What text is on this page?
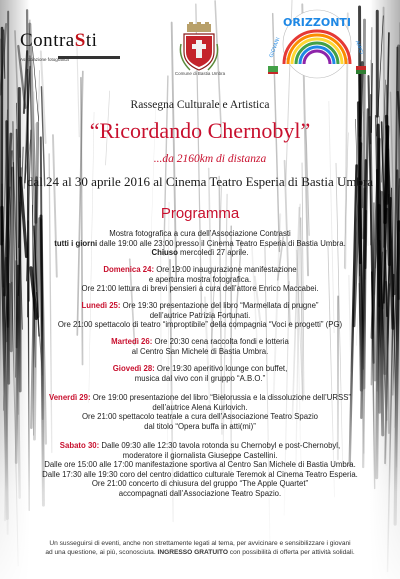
ContraSti
Associazione fotografica
Comune di Bastia Umbra
ORIZZONTI
GIOVANI	AMICI
Rassegna Culturale e Artistica
“Ricordando Chernobyl”
...da 2160km di distanza
dal 24 al 30 aprile 2016 al Cinema Teatro Esperia di Bastia Umbra
Programma
Mostra fotografica a cura dell’Associazione Contrasti
tutti i giorni dalle 19:00 alle 23:00 presso il Cinema Teatro Esperia di Bastia Umbra.
Chiuso mercoledì 27 aprile.
Domenica 24: Ore 19:00 inaugurazione manifestazione
e apertura mostra fotografica.
Ore 21:00 lettura di brevi pensieri a cura dell’attore Enrico Maccabei.
Lunedì 25: Ore 19:30 presentazione del libro “Marmellata di prugne”
dell’autrice Patrizia Fortunati.
Ore 21:00 spettacolo di teatro “improptibile” della compagnia “Voci e progetti” (PG)
Martedì 26: Ore 20:30 cena raccolta fondi e lotteria
al Centro San Michele di Bastia Umbra.
Giovedì 28: Ore 19:30 aperitivo lounge con buffet,
musica dal vivo con il gruppo “A.B.O.”
Venerdì 29: Ore 19:00 presentazione del libro “Bielorussia e la dissoluzione dell’URSS”
dell’autrice Alena Kurlovich.
Ore 21:00 spettacolo teatrale a cura dell’Associazione Teatro Spazio
dal titolo “Opera buffa in atti(mi)”
Sabato 30: Dalle 09:30 alle 12:30 tavola rotonda su Chernobyl e post-Chernobyl,
moderatore il giornalista Giuseppe Castellini.
Dalle ore 15:00 alle 17:00 manifestazione sportiva al Centro San Michele di Bastia Umbra.
Dalle 17:30 alle 19:30 coro del centro didattico culturale Teremok al Cinema Teatro Esperia.
Ore 21:00 concerto di chiusura del gruppo “The Apple Quartet”
accompagnati dall’Associazione Teatro Spazio.
Un susseguirsi di eventi, anche non strettamente legati al tema, per avvicinare e sensibilizzare i giovani
ad una questione, ai più, sconosciuta. INGRESSO GRATUITO con possibilità di offerta per attività solidali.
